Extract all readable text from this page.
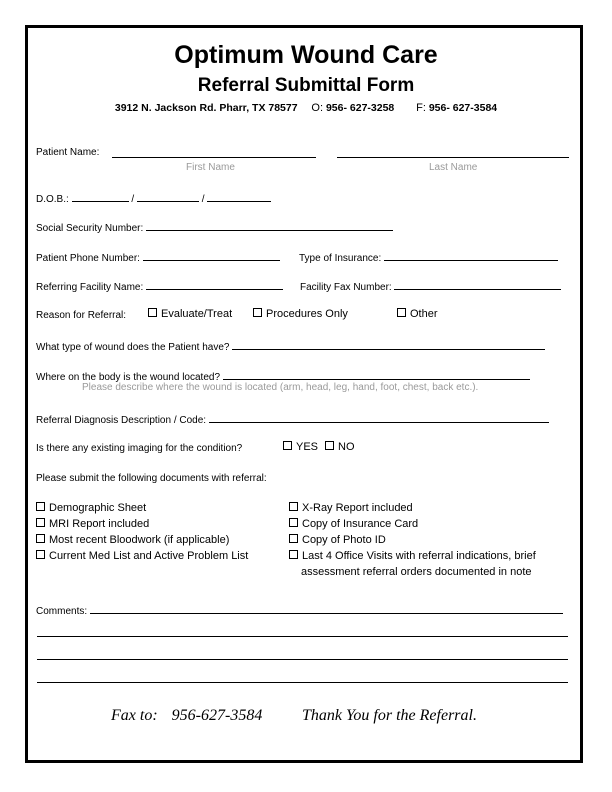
Optimum Wound Care
Referral Submittal Form
3912 N. Jackson Rd. Pharr, TX 78577 O: 956- 627-3258 F: 956- 627-3584
Patient Name:
First Name	Last Name
D.O.B.:	/	/
Social Security Number:
Patient Phone Number:	Type of Insurance:
Referring Facility Name:	Facility Fax Number:
Reason for Referral:	Evaluate/Treat	Procedures Only	Other
What type of wound does the Patient have?
Where on the body is the wound located?
Please describe where the wound is located (arm, head, leg, hand, foot, chest, back etc.).
Referral Diagnosis Description / Code:
Is there any existing imaging for the condition?	YES	NO
Please submit the following documents with referral:
Demographic Sheet
MRI Report included
Most recent Bloodwork (if applicable)
Current Med List and Active Problem List
X-Ray Report included
Copy of Insurance Card
Copy of Photo ID
Last 4 Office Visits with referral indications, brief
assessment referral orders documented in note
Comments:
Fax to: 956-627-3584 Thank You for the Referral.
